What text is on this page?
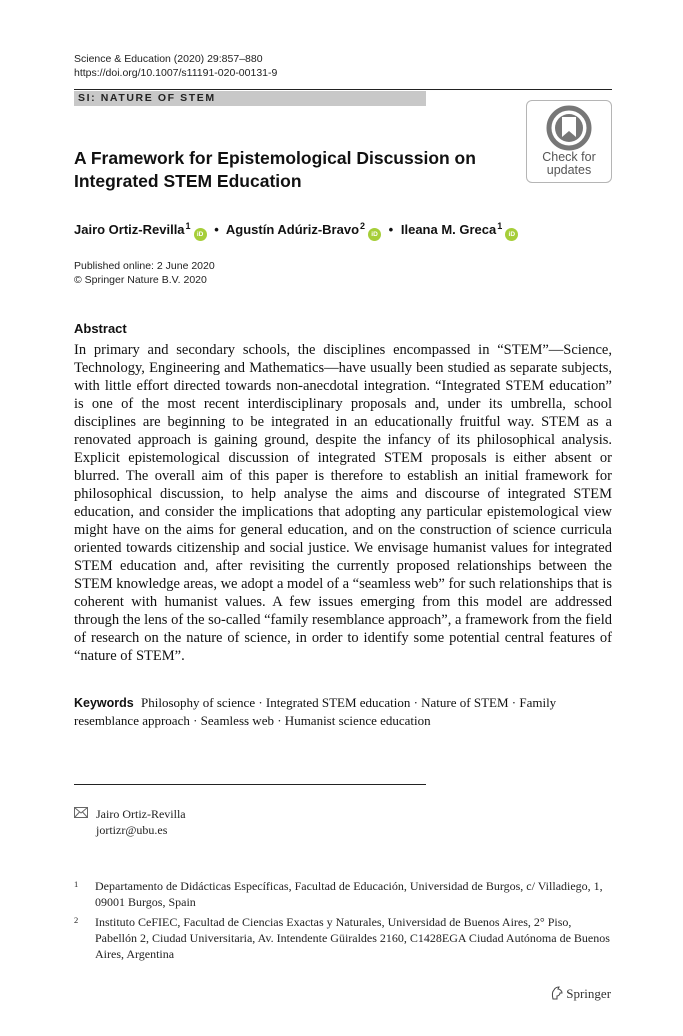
Science & Education (2020) 29:857–880
https://doi.org/10.1007/s11191-020-00131-9
SI: NATURE OF STEM
Check for
updates
A Framework for Epistemological Discussion on Integrated STEM Education
Jairo Ortiz-Revilla$^1$iD • Agustín Adúriz-Bravo$^2$iD • Ileana M. Greca$^1$iD
Published online: 2 June 2020
© Springer Nature B.V. 2020
Abstract

In primary and secondary schools, the disciplines encompassed in “STEM”—Science, Technology, Engineering and Mathematics—have usually been studied as separate subjects, with little effort directed towards non-anecdotal integration. “Integrated STEM education” is one of the most recent interdisciplinary proposals and, under its umbrella, school disciplines are beginning to be integrated in an educationally fruitful way. STEM as a renovated approach is gaining ground, despite the infancy of its philosophical analysis. Explicit epistemological discussion of integrated STEM proposals is either absent or blurred. The overall aim of this paper is therefore to establish an initial framework for philosophical discussion, to help analyse the aims and discourse of integrated STEM education, and consider the implications that adopting any particular epistemological view might have on the aims for general education, and on the construction of science curricula oriented towards citizenship and social justice. We envisage humanist values for integrated STEM education and, after revisiting the currently proposed relationships between the STEM knowledge areas, we adopt a model of a “seamless web” for such relationships that is coherent with humanist values. A few issues emerging from this model are addressed through the lens of the so-called “family resemblance approach”, a framework from the field of research on the nature of science, in order to identify some potential central features of “nature of STEM”.

Keywords Philosophy of science · Integrated STEM education · Nature of STEM · Family resemblance approach · Seamless web · Humanist science education
Jairo Ortiz-Revilla
jortizr@ubu.es
1 Departamento de Didácticas Específicas, Facultad de Educación, Universidad de Burgos, c/ Villadiego, 1, 09001 Burgos, Spain
2 Instituto CeFIEC, Facultad de Ciencias Exactas y Naturales, Universidad de Buenos Aires, 2° Piso, Pabellón 2, Ciudad Universitaria, Av. Intendente Güiraldes 2160, C1428EGA Ciudad Autónoma de Buenos Aires, Argentina
Springer
